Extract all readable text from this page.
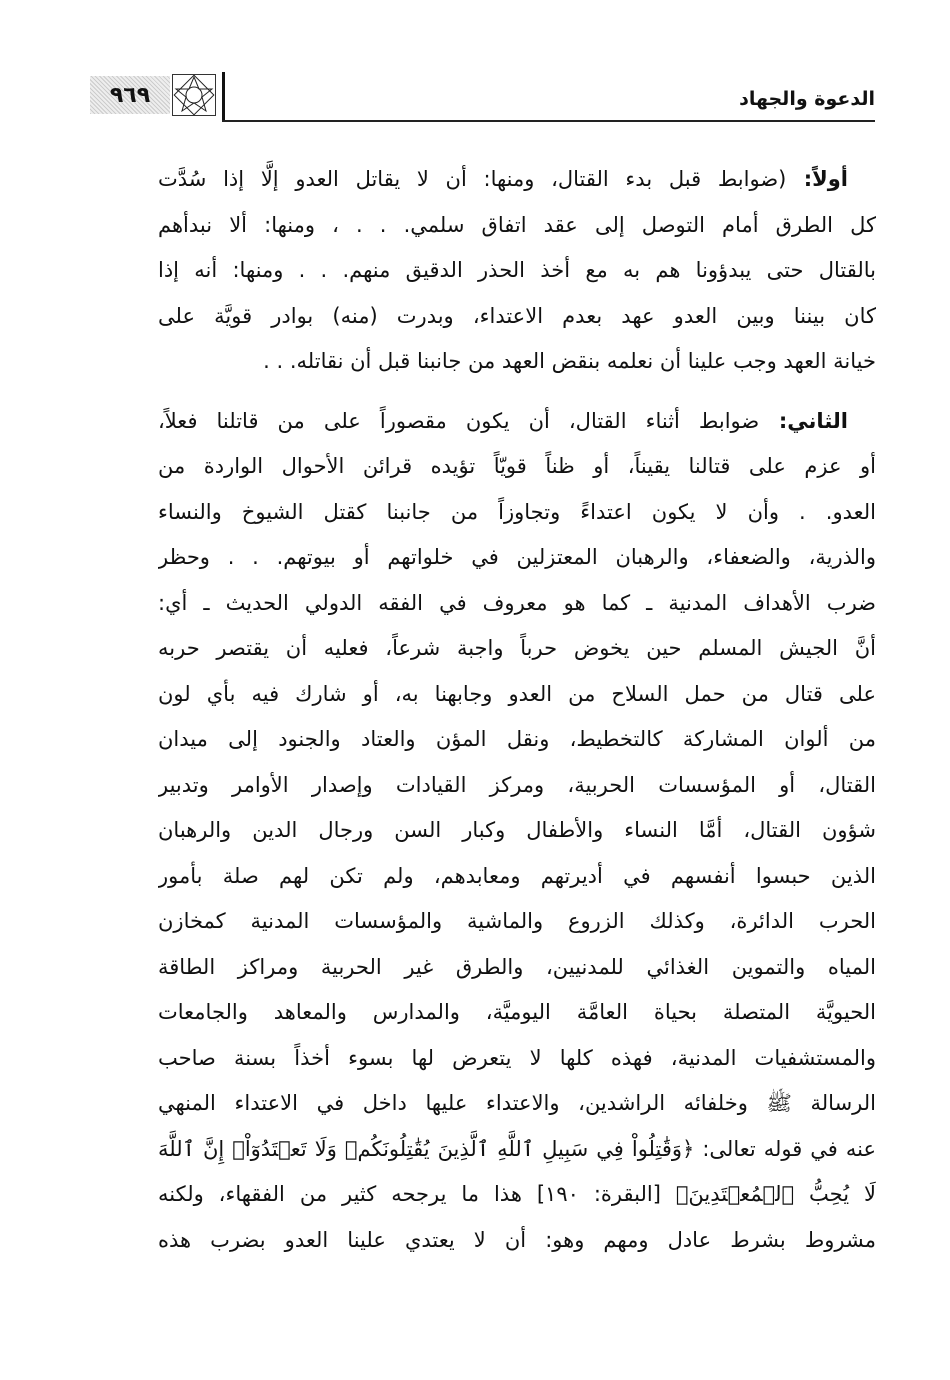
٩٦٩	الدعوة والجهاد
أولاً: (ضوابط قبل بدء القتال، ومنها: أن لا يقاتل العدو إلَّا إذا سُدَّت
كل الطرق أمام التوصل إلى عقد اتفاق سلمي. . . ، ومنها: ألا نبدأهم
بالقتال حتى يبدؤونا هم به مع أخذ الحذر الدقيق منهم. . . ومنها: أنه إذا
كان بيننا وبين العدو عهد بعدم الاعتداء، وبدرت (منه) بوادر قويَّة على
خيانة العهد وجب علينا أن نعلمه بنقض العهد من جانبنا قبل أن نقاتله. . .
الثاني: ضوابط أثناء القتال، أن يكون مقصوراً على من قاتلنا فعلاً،
أو عزم على قتالنا يقيناً، أو ظناً قويّاً تؤيده قرائن الأحوال الواردة من
العدو. . وأن لا يكون اعتداءً وتجاوزاً من جانبنا كقتل الشيوخ والنساء
والذرية، والضعفاء، والرهبان المعتزلين في خلواتهم أو بيوتهم. . . وحظر
ضرب الأهداف المدنية ـ كما هو معروف في الفقه الدولي الحديث ـ أي:
أنَّ الجيش المسلم حين يخوض حرباً واجبة شرعاً، فعليه أن يقتصر حربه
على قتال من حمل السلاح من العدو وجابهنا به، أو شارك فيه بأي لون
من ألوان المشاركة كالتخطيط، ونقل المؤن والعتاد والجنود إلى ميدان
القتال، أو المؤسسات الحربية، ومركز القيادات وإصدار الأوامر وتدبير
شؤون القتال، أمَّا النساء والأطفال وكبار السن ورجال الدين والرهبان
الذين حبسوا أنفسهم في أديرتهم ومعابدهم، ولم تكن لهم صلة بأمور
الحرب الدائرة، وكذلك الزروع والماشية والمؤسسات المدنية كمخازن
المياه والتموين الغذائي للمدنيين، والطرق غير الحربية ومراكز الطاقة
الحيويَّة المتصلة بحياة العامَّة اليوميَّة، والمدارس والمعاهد والجامعات
والمستشفيات المدنية، فهذه كلها لا يتعرض لها بسوء أخذاً بسنة صاحب
الرسالة ﷺ وخلفائه الراشدين، والاعتداء عليها داخل في الاعتداء المنهي
عنه في قوله تعالى: ﴿وَقَٰتِلُواْ فِي سَبِيلِ ٱللَّهِ ٱلَّذِينَ يُقَٰتِلُونَكُمۡ وَلَا تَعۡتَدُوٓاْۚ إِنَّ ٱللَّهَ
لَا يُحِبُّ ٱلۡمُعۡتَدِينَ﴾ [البقرة: ١٩٠] هذا ما يرجحه كثير من الفقهاء، ولكنه
مشروط بشرط عادل ومهم وهو: أن لا يعتدي علينا العدو بضرب هذه
